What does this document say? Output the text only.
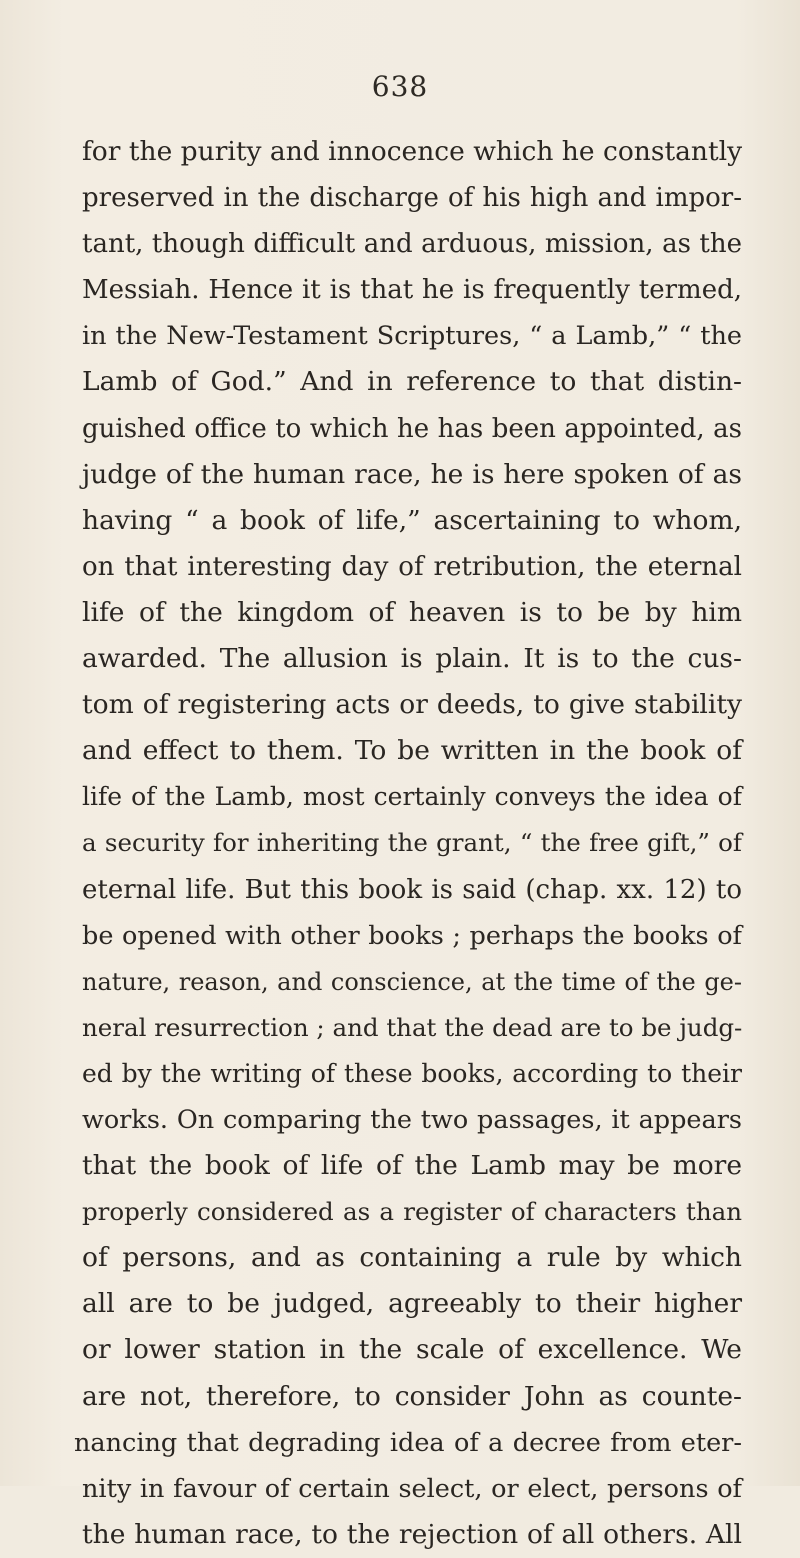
638
for the purity and innocence which he constantly
preserved in the discharge of his high and impor-
tant, though difficult and arduous, mission, as the
Messiah. Hence it is that he is frequently termed,
in the New-Testament Scriptures, “ a Lamb,” “ the
Lamb of God.” And in reference to that distin-
guished office to which he has been appointed, as
judge of the human race, he is here spoken of as
having “ a book of life,” ascertaining to whom,
on that interesting day of retribution, the eternal
life of the kingdom of heaven is to be by him
awarded. The allusion is plain. It is to the cus-
tom of registering acts or deeds, to give stability
and effect to them. To be written in the book of
life of the Lamb, most certainly conveys the idea of
a security for inheriting the grant, “ the free gift,” of
eternal life. But this book is said (chap. xx. 12) to
be opened with other books ; perhaps the books of
nature, reason, and conscience, at the time of the ge-
neral resurrection ; and that the dead are to be judg-
ed by the writing of these books, according to their
works. On comparing the two passages, it appears
that the book of life of the Lamb may be more
properly considered as a register of characters than
of persons, and as containing a rule by which
all are to be judged, agreeably to their higher
or lower station in the scale of excellence. We
are not, therefore, to consider John as counte-
nancing that degrading idea of a decree from eter-
nity in favour of certain select, or elect, persons of
the human race, to the rejection of all others. All
